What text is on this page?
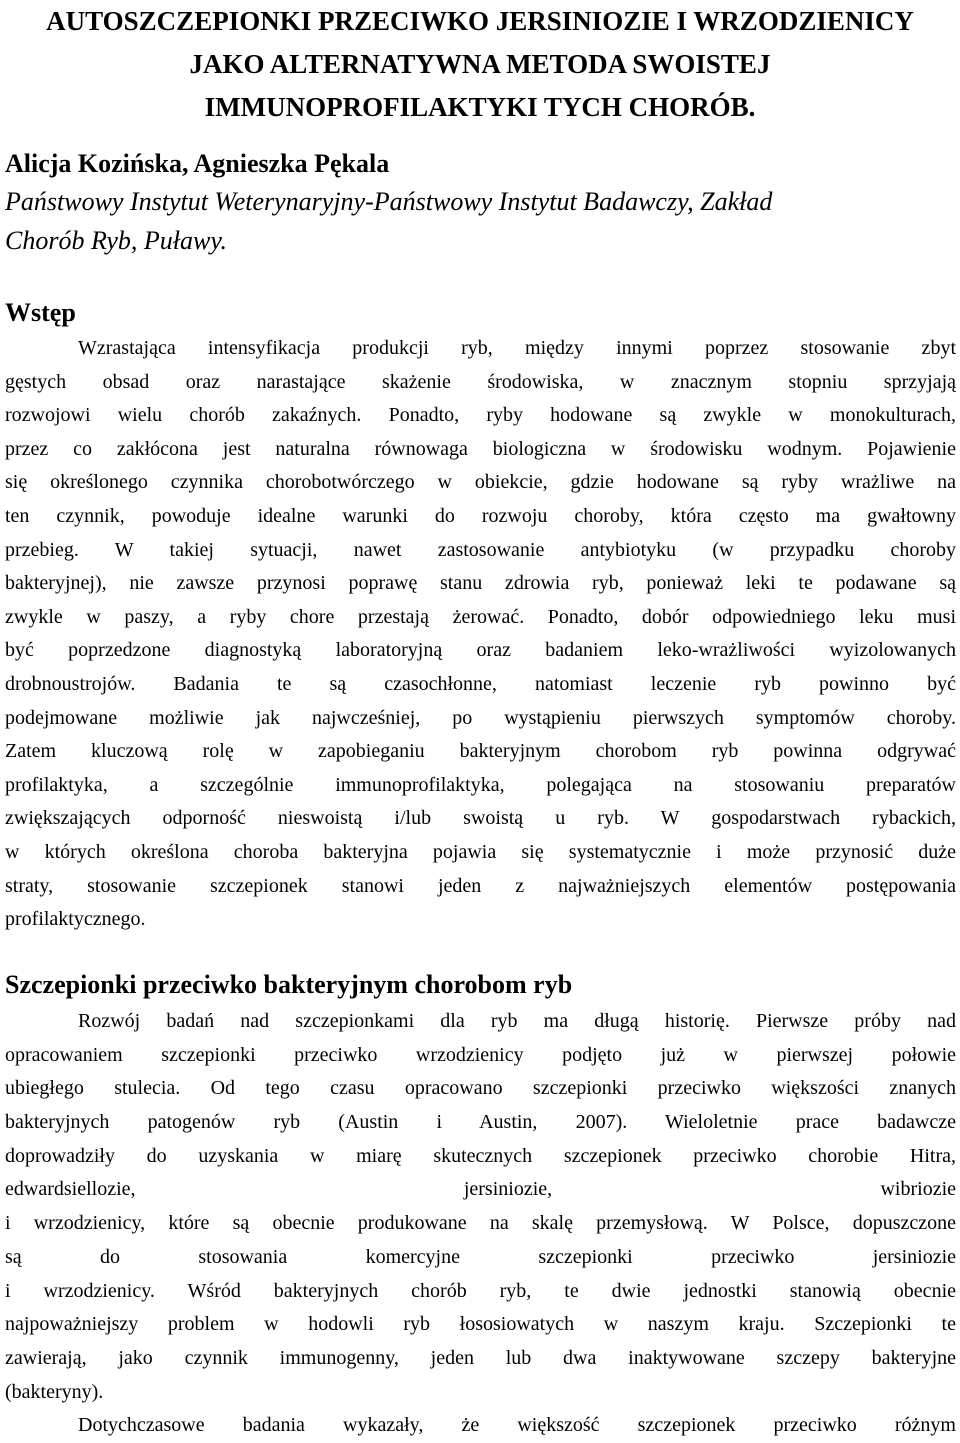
AUTOSZCZEPIONKI PRZECIWKO JERSINIOZIE I WRZODZIENICY
JAKO ALTERNATYWNA METODA SWOISTEJ
IMMUNOPROFILAKTYKI TYCH CHORÓB.
Alicja Kozińska, Agnieszka Pękala

Państwowy Instytut Weterynaryjny-Państwowy Instytut Badawczy, Zakład
Chorób Ryb, Puławy.

Wstęp
Wzrastająca intensyfikacja produkcji ryb, między innymi poprzez stosowanie zbyt
gęstych obsad oraz narastające skażenie środowiska, w znacznym stopniu sprzyjają
rozwojowi wielu chorób zakaźnych. Ponadto, ryby hodowane są zwykle w monokulturach,
przez co zakłócona jest naturalna równowaga biologiczna w środowisku wodnym. Pojawienie
się określonego czynnika chorobotwórczego w obiekcie, gdzie hodowane są ryby wrażliwe na
ten czynnik, powoduje idealne warunki do rozwoju choroby, która często ma gwałtowny
przebieg. W takiej sytuacji, nawet zastosowanie antybiotyku (w przypadku choroby
bakteryjnej), nie zawsze przynosi poprawę stanu zdrowia ryb, ponieważ leki te podawane są
zwykle w paszy, a ryby chore przestają żerować. Ponadto, dobór odpowiedniego leku musi
być poprzedzone diagnostyką laboratoryjną oraz badaniem leko-wrażliwości wyizolowanych
drobnoustrojów. Badania te są czasochłonne, natomiast leczenie ryb powinno być
podejmowane możliwie jak najwcześniej, po wystąpieniu pierwszych symptomów choroby.
Zatem kluczową rolę w zapobieganiu bakteryjnym chorobom ryb powinna odgrywać
profilaktyka, a szczególnie immunoprofilaktyka, polegająca na stosowaniu preparatów
zwiększających odporność nieswoistą i/lub swoistą u ryb. W gospodarstwach rybackich,
w których określona choroba bakteryjna pojawia się systematycznie i może przynosić duże
straty, stosowanie szczepionek stanowi jeden z najważniejszych elementów postępowania
profilaktycznego.
Szczepionki przeciwko bakteryjnym chorobom ryb
Rozwój badań nad szczepionkami dla ryb ma długą historię. Pierwsze próby nad
opracowaniem szczepionki przeciwko wrzodzienicy podjęto już w pierwszej połowie
ubiegłego stulecia. Od tego czasu opracowano szczepionki przeciwko większości znanych
bakteryjnych patogenów ryb (Austin i Austin, 2007). Wieloletnie prace badawcze
doprowadziły do uzyskania w miarę skutecznych szczepionek przeciwko chorobie Hitra,
edwardsiellozie, jersiniozie, wibriozie
i wrzodzienicy, które są obecnie produkowane na skalę przemysłową. W Polsce, dopuszczone
są do stosowania komercyjne szczepionki przeciwko jersiniozie
i wrzodzienicy. Wśród bakteryjnych chorób ryb, te dwie jednostki stanowią obecnie
najpoważniejszy problem w hodowli ryb łososiowatych w naszym kraju. Szczepionki te
zawierają, jako czynnik immunogenny, jeden lub dwa inaktywowane szczepy bakteryjne
(bakteryny).
Dotychczasowe badania wykazały, że większość szczepionek przeciwko różnym
